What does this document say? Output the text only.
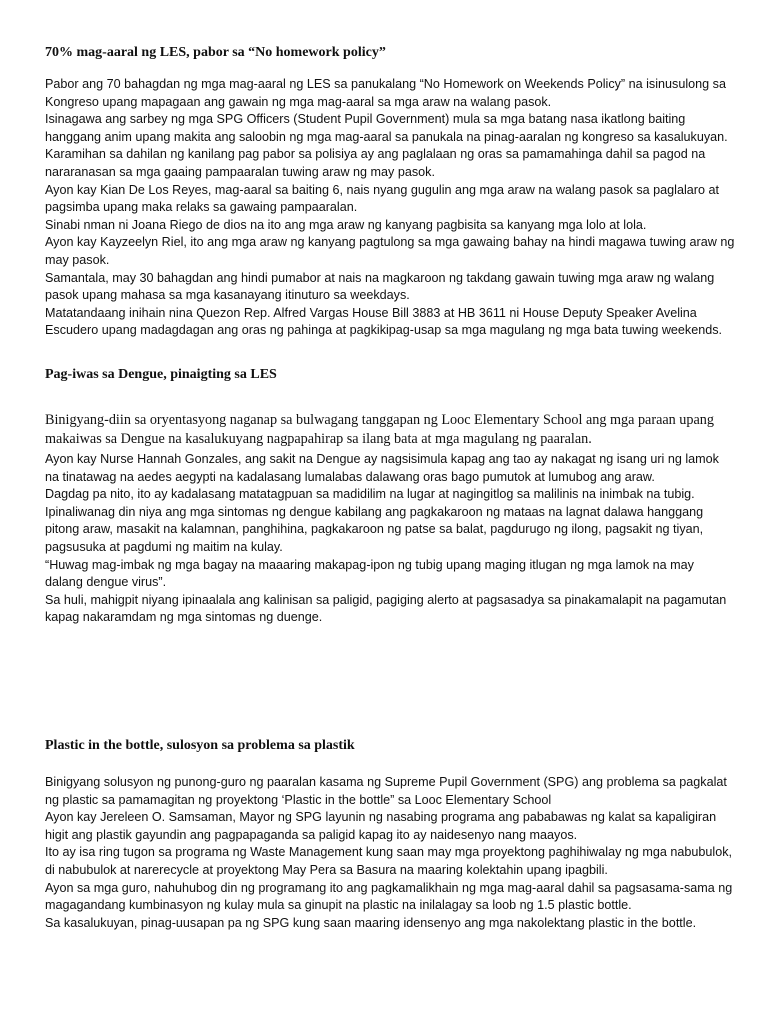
70% mag-aaral ng LES, pabor sa “No homework policy”

Pabor ang 70 bahagdan ng mga mag-aaral ng LES sa panukalang “No Homework on Weekends Policy” na isinusulong sa Kongreso upang mapagaan ang gawain ng mga mag-aaral sa mga araw na walang pasok.

Isinagawa ang sarbey ng mga SPG Officers (Student Pupil Government) mula sa mga batang nasa ikatlong baiting hanggang anim upang makita ang saloobin ng mga mag-aaral sa panukala na pinag-aaralan ng kongreso sa kasalukuyan.

Karamihan sa dahilan ng kanilang pag pabor sa polisiya ay ang paglalaan ng oras sa pamamahinga dahil sa pagod na nararanasan sa mga gaaing pampaaralan tuwing araw ng may pasok.

Ayon kay Kian De Los Reyes, mag-aaral sa baiting 6, nais nyang gugulin ang mga araw na walang pasok sa paglalaro at pagsimba upang maka relaks sa gawaing pampaaralan.

Sinabi nman ni Joana Riego de dios na ito ang mga araw ng kanyang pagbisita sa kanyang mga lolo at lola.

Ayon kay Kayzeelyn Riel, ito ang mga araw ng kanyang pagtulong sa mga gawaing bahay na hindi magawa tuwing araw ng may pasok.

Samantala, may 30 bahagdan ang hindi pumabor at nais na magkaroon ng takdang gawain tuwing mga araw ng walang pasok upang mahasa sa mga kasanayang itinuturo sa weekdays.

Matatandaang inihain nina Quezon Rep. Alfred Vargas House Bill 3883 at HB 3611 ni House Deputy Speaker Avelina Escudero upang madagdagan ang oras ng pahinga at pagkikipag-usap sa mga magulang ng mga bata tuwing weekends.

Pag-iwas sa Dengue, pinaigting sa LES

Binigyang-diin sa oryentasyong naganap sa bulwagang tanggapan ng Looc Elementary School ang mga paraan upang makaiwas sa Dengue na kasalukuyang nagpapahirap sa ilang bata at mga magulang ng paaralan.

Ayon kay Nurse Hannah Gonzales, ang sakit na Dengue ay nagsisimula kapag ang tao ay nakagat ng isang uri ng lamok na tinatawag na aedes aegypti na kadalasang lumalabas dalawang oras bago pumutok at lumubog ang araw.

Dagdag pa nito, ito ay kadalasang matatagpuan sa madidilim na lugar at nagingitlog sa malilinis na inimbak na tubig.

Ipinaliwanag din niya ang mga sintomas ng dengue kabilang ang pagkakaroon ng mataas na lagnat dalawa hanggang pitong araw, masakit na kalamnan, panghihina, pagkakaroon ng patse sa balat, pagdurugo ng ilong, pagsakit ng tiyan, pagsusuka at pagdumi ng maitim na kulay.

“Huwag mag-imbak ng mga bagay na maaaring makapag-ipon ng tubig upang maging itlugan ng mga lamok na may dalang dengue virus”.

Sa huli, mahigpit niyang ipinaalala ang kalinisan sa paligid, pagiging alerto at pagsasadya sa pinakamalapit na pagamutan kapag nakaramdam ng mga sintomas ng duenge.

Plastic in the bottle, sulosyon sa problema sa plastik

Binigyang solusyon ng punong-guro ng paaralan kasama ng Supreme Pupil Government (SPG) ang problema sa pagkalat ng plastic sa pamamagitan ng proyektong ‘Plastic in the bottle” sa Looc Elementary School

Ayon kay Jereleen O. Samsaman, Mayor ng SPG layunin ng nasabing programa ang pababawas ng kalat sa kapaligiran higit ang plastik gayundin ang pagpapaganda sa paligid kapag ito ay naidesenyo nang maayos.

Ito ay isa ring tugon sa programa ng Waste Management kung saan may mga proyektong paghihiwalay ng mga nabubulok, di nabubulok at narerecycle at proyektong May Pera sa Basura na maaring kolektahin upang ipagbili.

Ayon sa mga guro, nahuhubog din ng programang ito ang pagkamalikhain ng mga mag-aaral dahil sa pagsasama-sama ng magagandang kumbinasyon ng kulay mula sa ginupit na plastic na inilalagay sa loob ng 1.5 plastic bottle.

Sa kasalukuyan, pinag-uusapan pa ng SPG kung saan maaring idensenyo ang mga nakolektang plastic in the bottle.
